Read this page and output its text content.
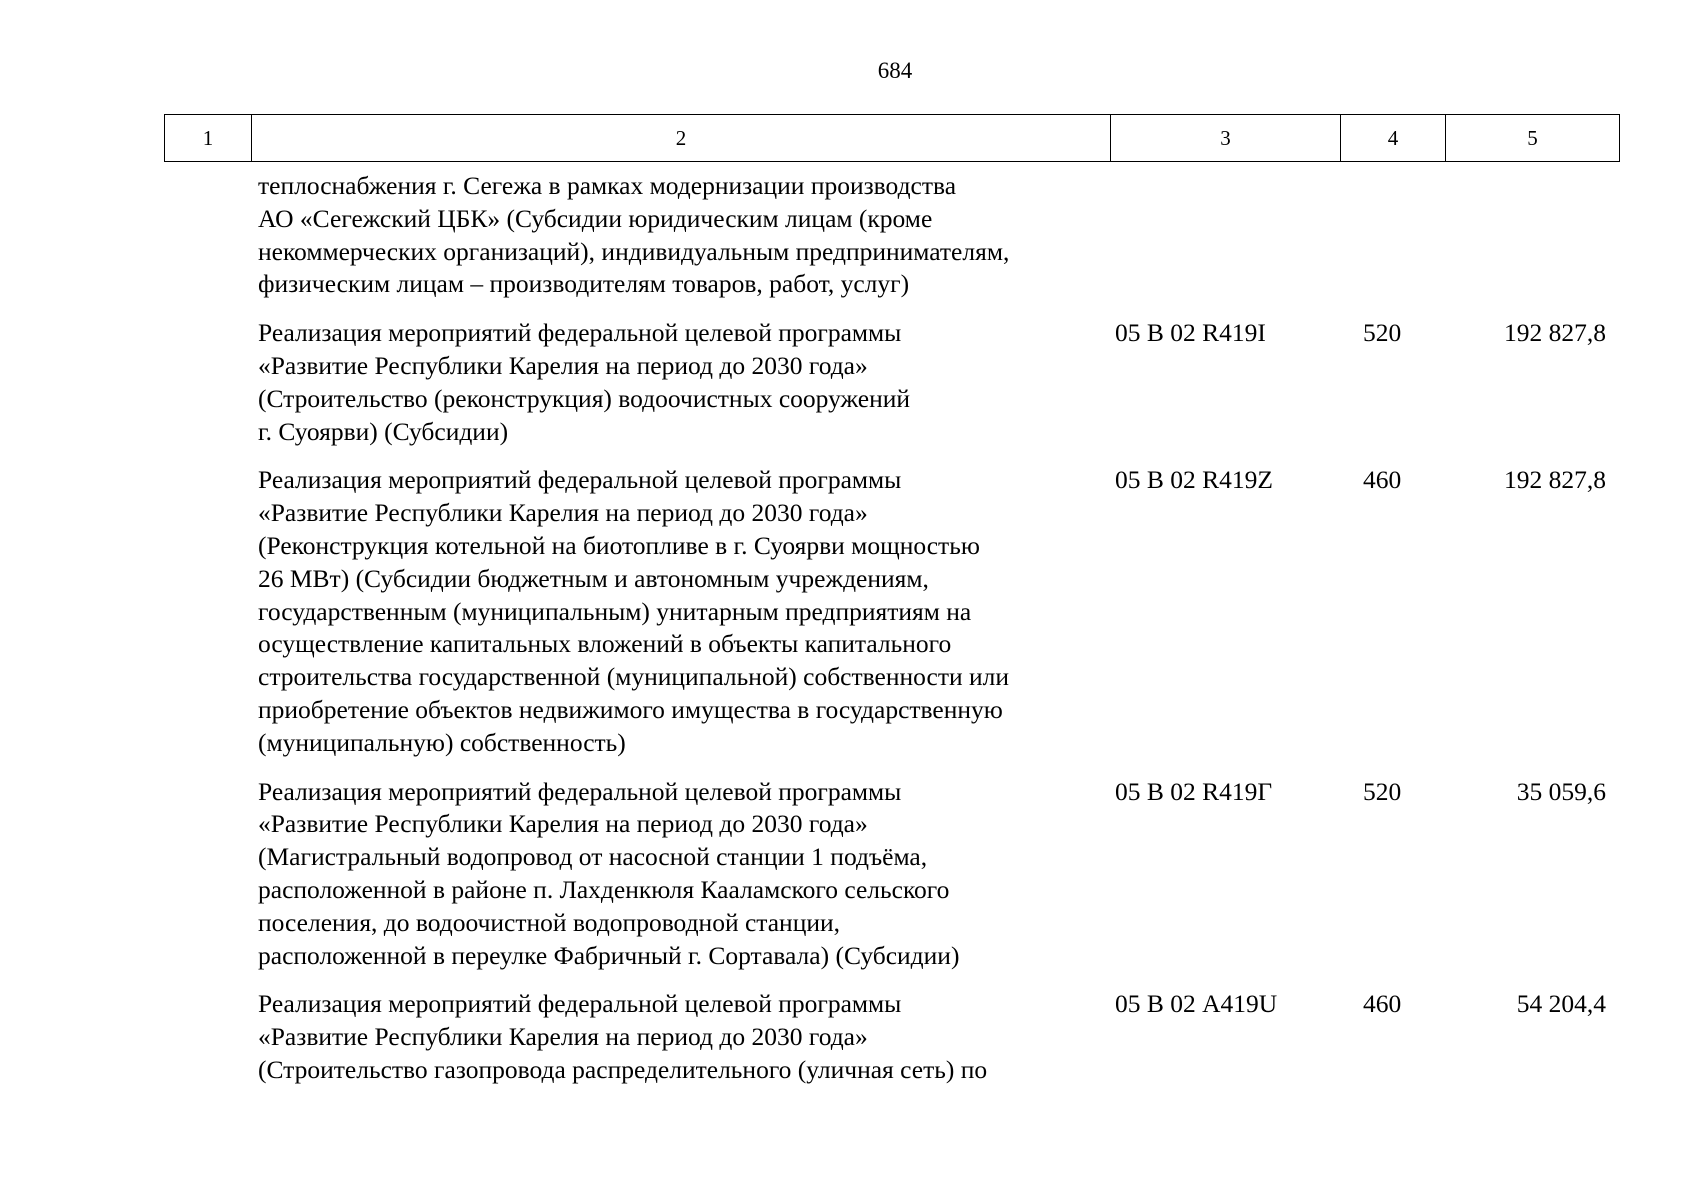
684
1	2	3	4	5
теплоснабжения г. Сегежа в рамках модернизации производства
АО «Сегежский ЦБК» (Субсидии юридическим лицам (кроме
некоммерческих организаций), индивидуальным предпринимателям,
физическим лицам – производителям товаров, работ, услуг)
Реализация мероприятий федеральной целевой программы
«Развитие Республики Карелия на период до 2030 года»
(Строительство (реконструкция) водоочистных сооружений
г. Суоярви) (Субсидии)
05 В 02 R419I	520	192 827,8
Реализация мероприятий федеральной целевой программы
«Развитие Республики Карелия на период до 2030 года»
(Реконструкция котельной на биотопливе в г. Суоярви мощностью
26 МВт) (Субсидии бюджетным и автономным учреждениям,
государственным (муниципальным) унитарным предприятиям на
осуществление капитальных вложений в объекты капитального
строительства государственной (муниципальной) собственности или
приобретение объектов недвижимого имущества в государственную
(муниципальную) собственность)
05 В 02 R419Z	460	192 827,8
Реализация мероприятий федеральной целевой программы
«Развитие Республики Карелия на период до 2030 года»
(Магистральный водопровод от насосной станции 1 подъёма,
расположенной в районе п. Лахденкюля Кааламского сельского
поселения, до водоочистной водопроводной станции,
расположенной в переулке Фабричный г. Сортавала) (Субсидии)
05 В 02 R419Г	520	35 059,6
Реализация мероприятий федеральной целевой программы
«Развитие Республики Карелия на период до 2030 года»
(Строительство газопровода распределительного (уличная сеть) по
05 В 02 A419U	460	54 204,4
